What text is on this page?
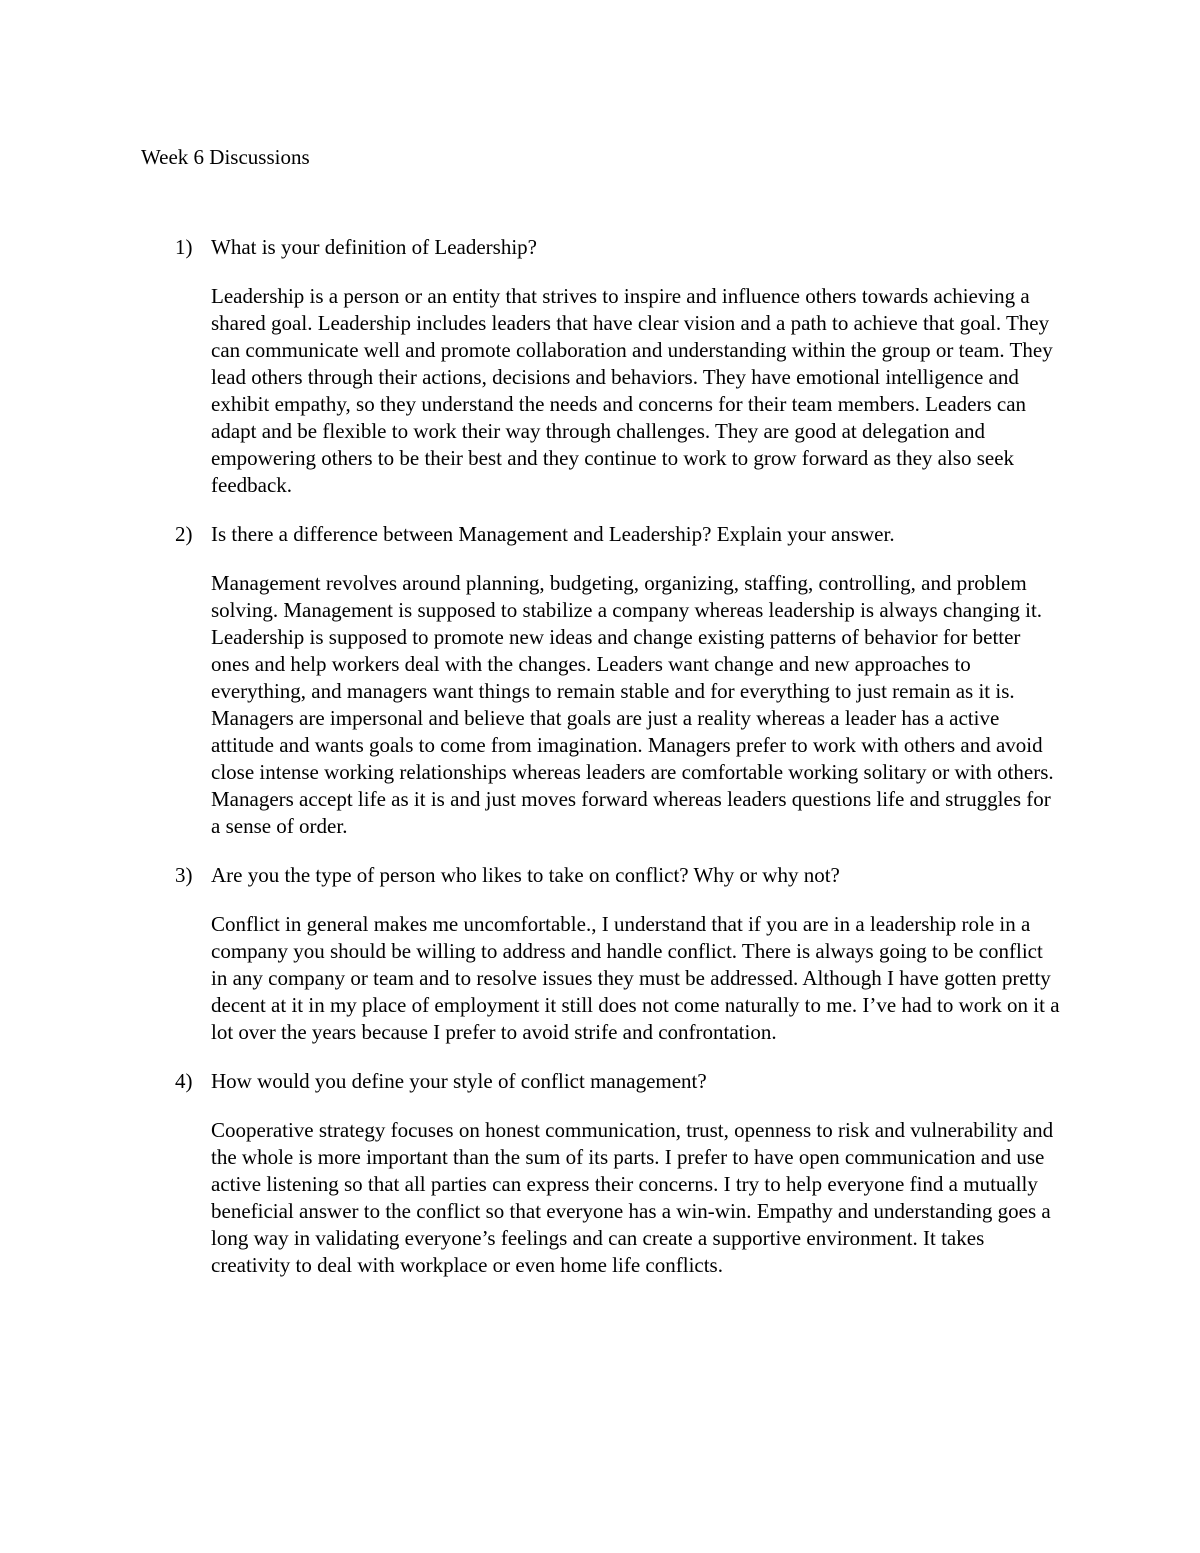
Week 6 Discussions
1) What is your definition of Leadership?

Leadership is a person or an entity that strives to inspire and influence others towards achieving a shared goal. Leadership includes leaders that have clear vision and a path to achieve that goal. They can communicate well and promote collaboration and understanding within the group or team. They lead others through their actions, decisions and behaviors. They have emotional intelligence and exhibit empathy, so they understand the needs and concerns for their team members. Leaders can adapt and be flexible to work their way through challenges. They are good at delegation and empowering others to be their best and they continue to work to grow forward as they also seek feedback.

2) Is there a difference between Management and Leadership? Explain your answer.

Management revolves around planning, budgeting, organizing, staffing, controlling, and problem solving. Management is supposed to stabilize a company whereas leadership is always changing it. Leadership is supposed to promote new ideas and change existing patterns of behavior for better ones and help workers deal with the changes. Leaders want change and new approaches to everything, and managers want things to remain stable and for everything to just remain as it is. Managers are impersonal and believe that goals are just a reality whereas a leader has a active attitude and wants goals to come from imagination. Managers prefer to work with others and avoid close intense working relationships whereas leaders are comfortable working solitary or with others. Managers accept life as it is and just moves forward whereas leaders questions life and struggles for a sense of order.

3) Are you the type of person who likes to take on conflict? Why or why not?

Conflict in general makes me uncomfortable., I understand that if you are in a leadership role in a company you should be willing to address and handle conflict. There is always going to be conflict in any company or team and to resolve issues they must be addressed. Although I have gotten pretty decent at it in my place of employment it still does not come naturally to me. I’ve had to work on it a lot over the years because I prefer to avoid strife and confrontation.

4) How would you define your style of conflict management?

Cooperative strategy focuses on honest communication, trust, openness to risk and vulnerability and the whole is more important than the sum of its parts. I prefer to have open communication and use active listening so that all parties can express their concerns. I try to help everyone find a mutually beneficial answer to the conflict so that everyone has a win-win. Empathy and understanding goes a long way in validating everyone’s feelings and can create a supportive environment. It takes creativity to deal with workplace or even home life conflicts.
